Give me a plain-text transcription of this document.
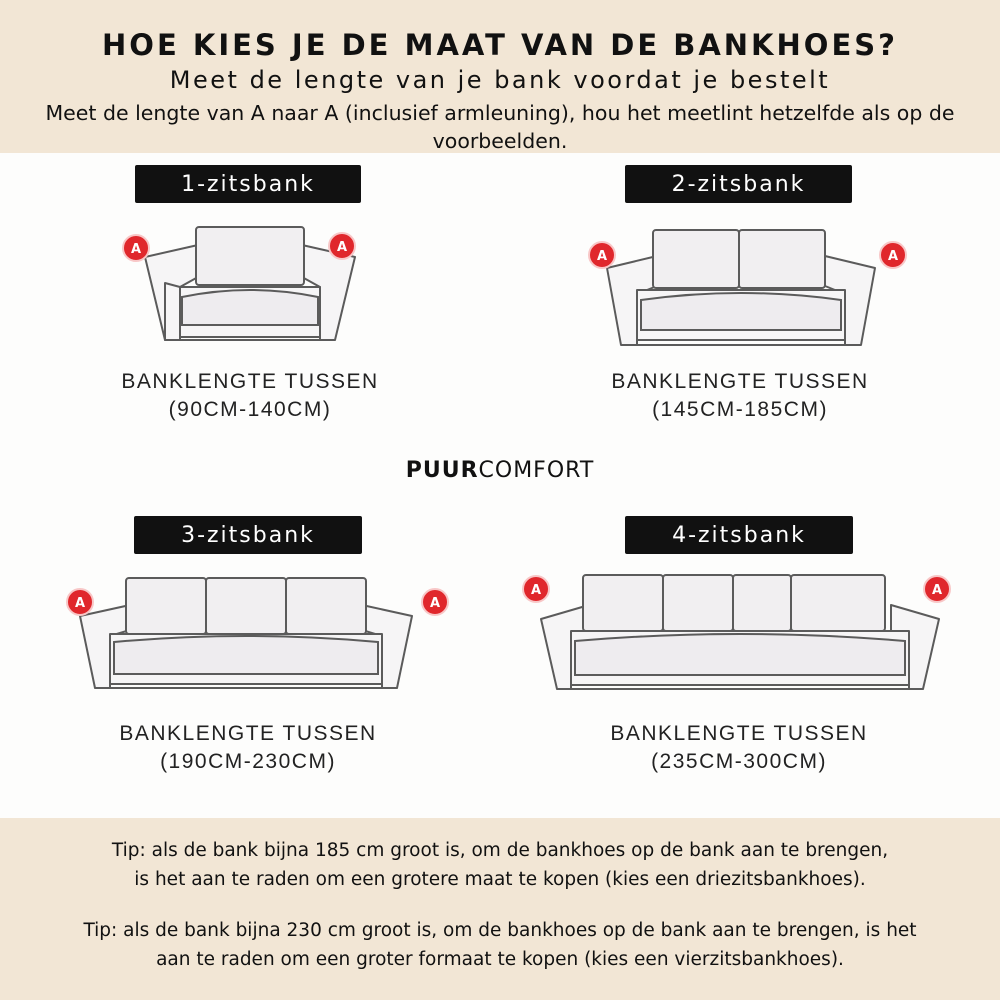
HOE KIES JE DE MAAT VAN DE BANKHOES?
Meet de lengte van je bank voordat je bestelt
Meet de lengte van A naar A (inclusief armleuning), hou het meetlint hetzelfde als op de voorbeelden.
1-zitsbank
A	A
BANKLENGTE TUSSEN
(90CM-140CM)
2-zitsbank
A	A
BANKLENGTE TUSSEN
(145CM-185CM)
PUURCOMFORT
3-zitsbank
A	A
BANKLENGTE TUSSEN
(190CM-230CM)
4-zitsbank
A	A
BANKLENGTE TUSSEN
(235CM-300CM)
Tip: als de bank bijna 185 cm groot is, om de bankhoes op de bank aan te brengen,
is het aan te raden om een grotere maat te kopen (kies een driezitsbankhoes).
Tip: als de bank bijna 230 cm groot is, om de bankhoes op de bank aan te brengen, is het
aan te raden om een groter formaat te kopen (kies een vierzitsbankhoes).
